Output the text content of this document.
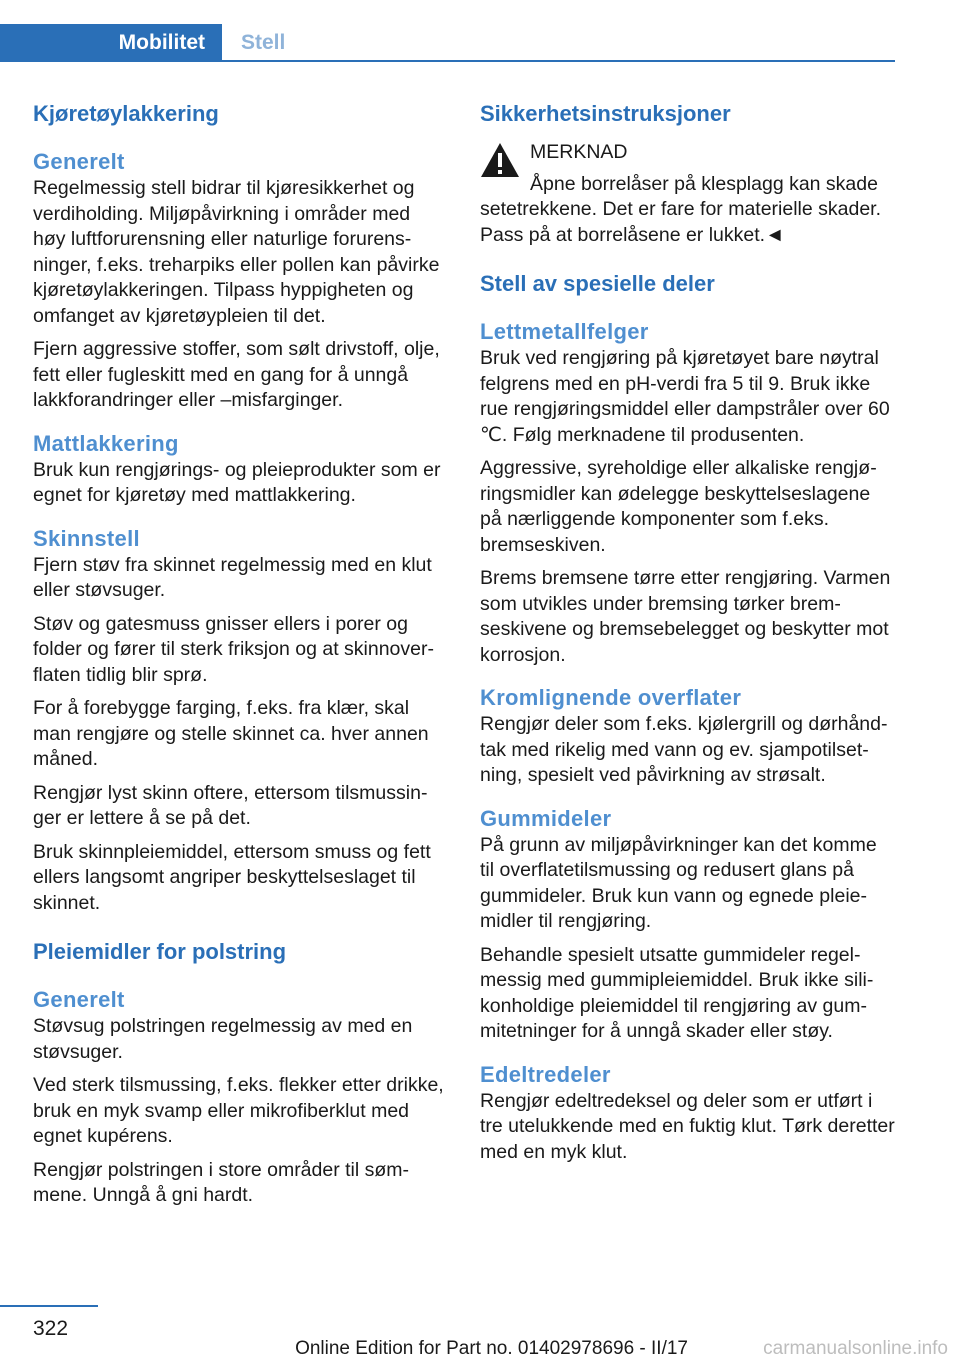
Mobilitet Stell
Kjøretøylakkering
Generelt

Regelmessig stell bidrar til kjøresikkerhet og verdiholding. Miljøpåvirkning i områder med høy luftforurensning eller naturlige forurensninger, f.eks. treharpiks eller pollen kan påvirke kjøretøylakkeringen. Tilpass hyppigheten og omfanget av kjøretøypleien til det.

Fjern aggressive stoffer, som sølt drivstoff, olje, fett eller fugleskitt med en gang for å unngå lakkforandringer eller –misfarginger.

Mattlakkering

Bruk kun rengjørings- og pleieprodukter som er egnet for kjøretøy med mattlakkering.

Skinnstell

Fjern støv fra skinnet regelmessig med en klut eller støvsuger.

Støv og gatesmuss gnisser ellers i porer og folder og fører til sterk friksjon og at skinnoverflaten tidlig blir sprø.

For å forebygge farging, f.eks. fra klær, skal man rengjøre og stelle skinnet ca. hver annen måned.

Rengjør lyst skinn oftere, ettersom tilsmussinger er lettere å se på det.

Bruk skinnpleiemiddel, ettersom smuss og fett ellers langsomt angriper beskyttelseslaget til skinnet.

Pleiemidler for polstring
Generelt

Støvsug polstringen regelmessig av med en støvsuger.

Ved sterk tilsmussing, f.eks. flekker etter drikke, bruk en myk svamp eller mikrofiberklut med egnet kupérens.

Rengjør polstringen i store områder til sømmene. Unngå å gni hardt.

Sikkerhetsinstruksjoner

MERKNAD

Åpne borrelåser på klesplagg kan skade setetrekkene. Det er fare for materielle skader. Pass på at borrelåsene er lukket.◄

Stell av spesielle deler
Lettmetallfelger

Bruk ved rengjøring på kjøretøyet bare nøytral felgrens med en pH-verdi fra 5 til 9. Bruk ikke rue rengjøringsmiddel eller dampstråler over 60 ℃. Følg merknadene til produsenten.

Aggressive, syreholdige eller alkaliske rengjøringsmidler kan ødelegge beskyttelseslagene på nærliggende komponenter som f.eks. bremseskiven.

Brems bremsene tørre etter rengjøring. Varmen som utvikles under bremsing tørker bremseskivene og bremsebelegget og beskytter mot korrosjon.

Kromlignende overflater

Rengjør deler som f.eks. kjølergrill og dørhåndtak med rikelig med vann og ev. sjampotilsetning, spesielt ved påvirkning av strøsalt.

Gummideler

På grunn av miljøpåvirkninger kan det komme til overflatetilsmussing og redusert glans på gummideler. Bruk kun vann og egnede pleiemidler til rengjøring.

Behandle spesielt utsatte gummideler regelmessig med gummipleiemiddel. Bruk ikke silikonholdige pleiemiddel til rengjøring av gummitetninger for å unngå skader eller støy.

Edeltredeler

Rengjør edeltredeksel og deler som er utført i tre utelukkende med en fuktig klut. Tørk deretter med en myk klut.

322
Online Edition for Part no. 01402978696 - II/17	carmanualsonline.info
